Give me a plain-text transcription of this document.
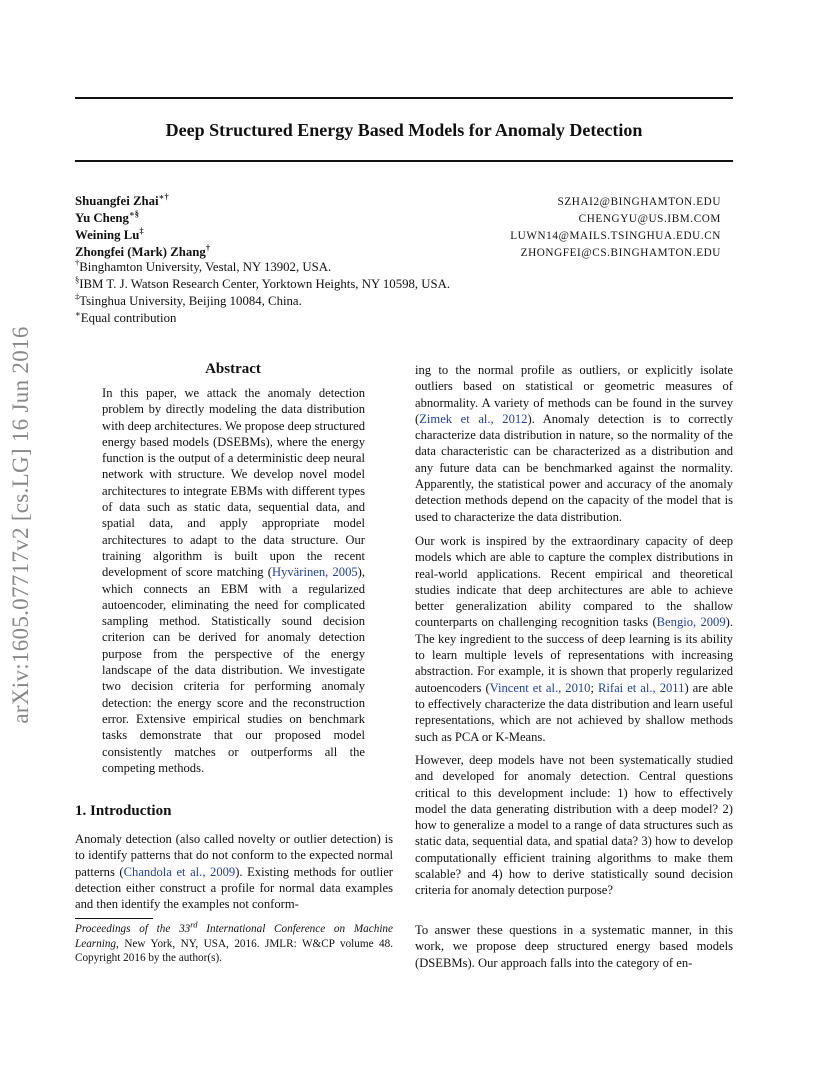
arXiv:1605.07717v2 [cs.LG] 16 Jun 2016
Deep Structured Energy Based Models for Anomaly Detection
Shuangfei Zhai∗†
Yu Cheng∗§
Weining Lu‡
Zhongfei (Mark) Zhang†
SZHAI2@BINGHAMTON.EDU
CHENGYU@US.IBM.COM
LUWN14@MAILS.TSINGHUA.EDU.CN
ZHONGFEI@CS.BINGHAMTON.EDU
†Binghamton University, Vestal, NY 13902, USA.
§IBM T. J. Watson Research Center, Yorktown Heights, NY 10598, USA.
‡Tsinghua University, Beijing 10084, China.
∗Equal contribution
Abstract

In this paper, we attack the anomaly detection problem by directly modeling the data distribution with deep architectures. We propose deep structured energy based models (DSEBMs), where the energy function is the output of a deterministic deep neural network with structure. We develop novel model architectures to integrate EBMs with different types of data such as static data, sequential data, and spatial data, and apply appropriate model architectures to adapt to the data structure. Our training algorithm is built upon the recent development of score matching (Hyvärinen, 2005), which connects an EBM with a regularized autoencoder, eliminating the need for complicated sampling method. Statistically sound decision criterion can be derived for anomaly detection purpose from the perspective of the energy landscape of the data distribution. We investigate two decision criteria for performing anomaly detection: the energy score and the reconstruction error. Extensive empirical studies on benchmark tasks demonstrate that our proposed model consistently matches or outperforms all the competing methods.

1. Introduction

Anomaly detection (also called novelty or outlier detection) is to identify patterns that do not conform to the expected normal patterns (Chandola et al., 2009). Existing methods for outlier detection either construct a profile for normal data examples and then identify the examples not conform-

Proceedings of the 33rd International Conference on Machine Learning, New York, NY, USA, 2016. JMLR: W&CP volume 48. Copyright 2016 by the author(s).

ing to the normal profile as outliers, or explicitly isolate outliers based on statistical or geometric measures of abnormality. A variety of methods can be found in the survey (Zimek et al., 2012). Anomaly detection is to correctly characterize data distribution in nature, so the normality of the data characteristic can be characterized as a distribution and any future data can be benchmarked against the normality. Apparently, the statistical power and accuracy of the anomaly detection methods depend on the capacity of the model that is used to characterize the data distribution.

Our work is inspired by the extraordinary capacity of deep models which are able to capture the complex distributions in real-world applications. Recent empirical and theoretical studies indicate that deep architectures are able to achieve better generalization ability compared to the shallow counterparts on challenging recognition tasks (Bengio, 2009). The key ingredient to the success of deep learning is its ability to learn multiple levels of representations with increasing abstraction. For example, it is shown that properly regularized autoencoders (Vincent et al., 2010; Rifai et al., 2011) are able to effectively characterize the data distribution and learn useful representations, which are not achieved by shallow methods such as PCA or K-Means.

However, deep models have not been systematically studied and developed for anomaly detection. Central questions critical to this development include: 1) how to effectively model the data generating distribution with a deep model? 2) how to generalize a model to a range of data structures such as static data, sequential data, and spatial data? 3) how to develop computationally efficient training algorithms to make them scalable? and 4) how to derive statistically sound decision criteria for anomaly detection purpose?

To answer these questions in a systematic manner, in this work, we propose deep structured energy based models (DSEBMs). Our approach falls into the category of en-
